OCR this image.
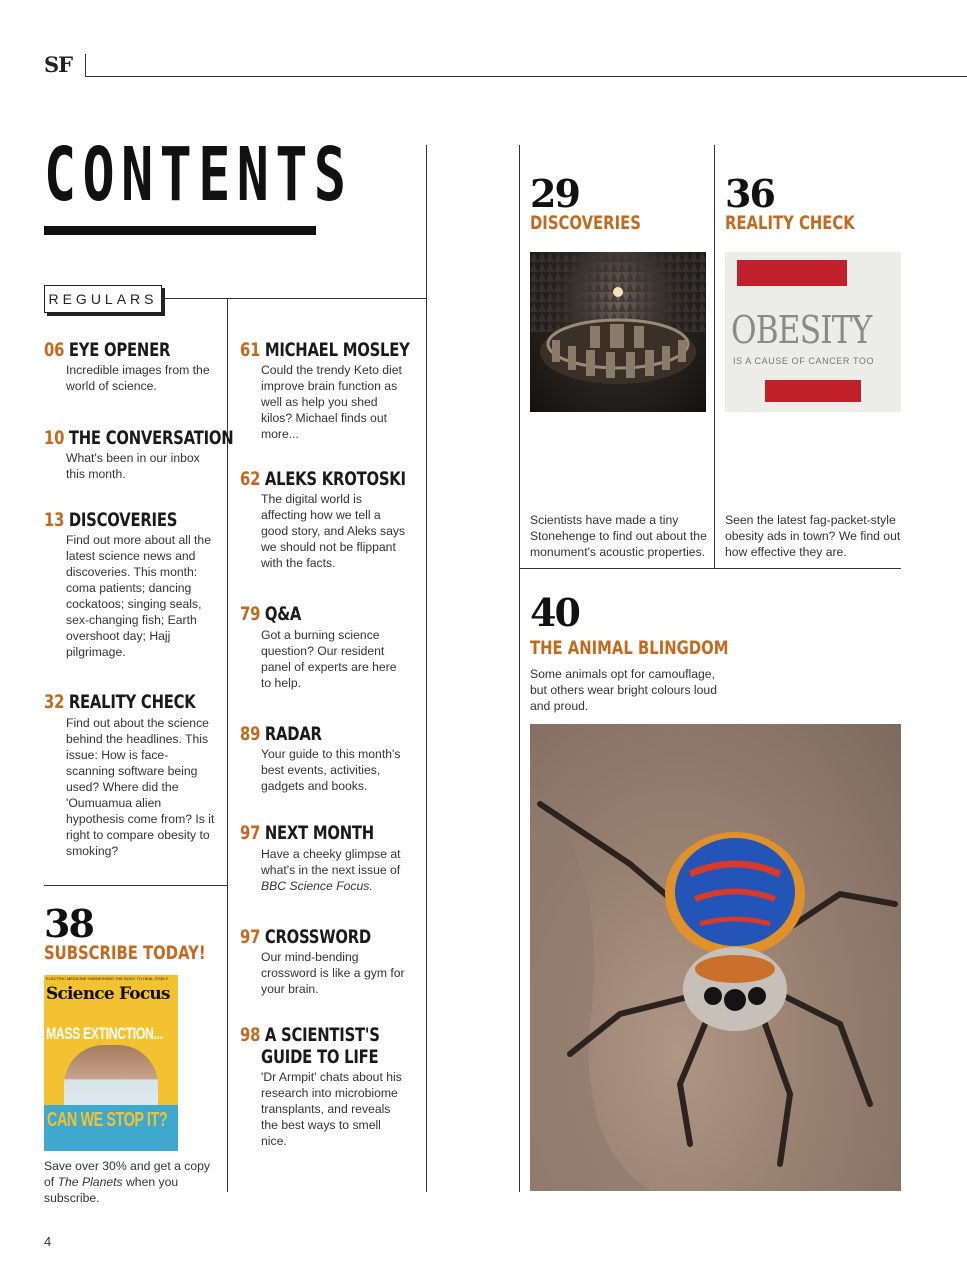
SF
CONTENTS
REGULARS
06 EYE OPENER
Incredible images from the world of science.
10 THE CONVERSATION
What's been in our inbox this month.
13 DISCOVERIES
Find out more about all the latest science news and discoveries. This month: coma patients; dancing cockatoos; singing seals, sex-changing fish; Earth overshoot day; Hajj pilgrimage.
32 REALITY CHECK
Find out about the science behind the headlines. This issue: How is face-scanning software being used? Where did the 'Oumuamua alien hypothesis come from? Is it right to compare obesity to smoking?
38
SUBSCRIBE TODAY!
ELECTRIC MEDICINE HARNESSING THE BODY TO HEAL ITSELF
Science Focus
MASS EXTINCTION...
CAN WE STOP IT?
Save over 30% and get a copy of The Planets when you subscribe.
61 MICHAEL MOSLEY
Could the trendy Keto diet improve brain function as well as help you shed kilos? Michael finds out more...
62 ALEKS KROTOSKI
The digital world is affecting how we tell a good story, and Aleks says we should not be flippant with the facts.
79 Q&A
Got a burning science question? Our resident panel of experts are here to help.
89 RADAR
Your guide to this month's best events, activities, gadgets and books.
97 NEXT MONTH
Have a cheeky glimpse at what's in the next issue of BBC Science Focus.
97 CROSSWORD
Our mind-bending crossword is like a gym for your brain.
98 A SCIENTIST'S
GUIDE TO LIFE
'Dr Armpit' chats about his research into microbiome transplants, and reveals the best ways to smell nice.
29
DISCOVERIES
Scientists have made a tiny Stonehenge to find out about the monument's acoustic properties.
36
REALITY CHECK
OBESITY
IS A CAUSE OF CANCER TOO
Seen the latest fag-packet-style obesity ads in town? We find out how effective they are.
40
THE ANIMAL BLINGDOM
Some animals opt for camouflage, but others wear bright colours loud and proud.
4
